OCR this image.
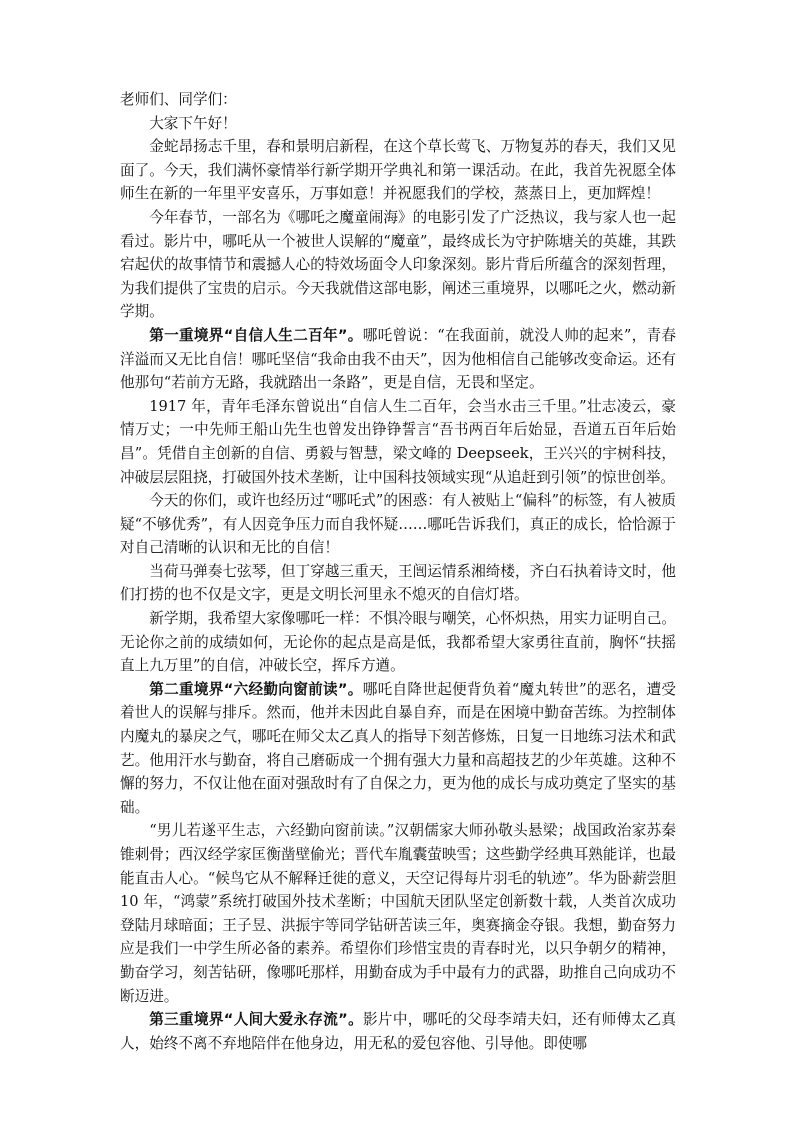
老师们、同学们：

大家下午好！

金蛇昂扬志千里，春和景明启新程，在这个草长莺飞、万物复苏的春天，我们又见面了。今天，我们满怀豪情举行新学期开学典礼和第一课活动。在此，我首先祝愿全体师生在新的一年里平安喜乐，万事如意！并祝愿我们的学校，蒸蒸日上，更加辉煌！

今年春节，一部名为《哪吒之魔童闹海》的电影引发了广泛热议，我与家人也一起看过。影片中，哪吒从一个被世人误解的“魔童”，最终成长为守护陈塘关的英雄，其跌宕起伏的故事情节和震撼人心的特效场面令人印象深刻。影片背后所蕴含的深刻哲理，为我们提供了宝贵的启示。今天我就借这部电影，阐述三重境界，以哪吒之火，燃动新学期。

第一重境界“自信人生二百年”。哪吒曾说：“在我面前，就没人帅的起来”，青春洋溢而又无比自信！哪吒坚信“我命由我不由天”，因为他相信自己能够改变命运。还有他那句“若前方无路，我就踏出一条路”，更是自信，无畏和坚定。

1917 年，青年毛泽东曾说出“自信人生二百年，会当水击三千里。”壮志凌云，豪情万丈；一中先师王船山先生也曾发出铮铮誓言“吾书两百年后始显，吾道五百年后始昌”。凭借自主创新的自信、勇毅与智慧，梁文峰的 Deepseek，王兴兴的宇树科技，冲破层层阻挠，打破国外技术垄断，让中国科技领域实现“从追赶到引领”的惊世创举。

今天的你们，或许也经历过“哪吒式”的困惑：有人被贴上“偏科”的标签，有人被质疑“不够优秀”，有人因竞争压力而自我怀疑……哪吒告诉我们，真正的成长，恰恰源于对自己清晰的认识和无比的自信！

当荷马弹奏七弦琴，但丁穿越三重天，王闿运情系湘绮楼，齐白石执着诗文时，他们打捞的也不仅是文字，更是文明长河里永不熄灭的自信灯塔。

新学期，我希望大家像哪吒一样：不惧冷眼与嘲笑，心怀炽热，用实力证明自己。无论你之前的成绩如何，无论你的起点是高是低，我都希望大家勇往直前，胸怀“扶摇直上九万里”的自信，冲破长空，挥斥方遒。

第二重境界“六经勤向窗前读”。哪吒自降世起便背负着“魔丸转世”的恶名，遭受着世人的误解与排斥。然而，他并未因此自暴自弃，而是在困境中勤奋苦练。为控制体内魔丸的暴戾之气，哪吒在师父太乙真人的指导下刻苦修炼，日复一日地练习法术和武艺。他用汗水与勤奋，将自己磨砺成一个拥有强大力量和高超技艺的少年英雄。这种不懈的努力，不仅让他在面对强敌时有了自保之力，更为他的成长与成功奠定了坚实的基础。

“男儿若遂平生志，六经勤向窗前读。”汉朝儒家大师孙敬头悬梁；战国政治家苏秦锥刺骨；西汉经学家匡衡凿壁偷光；晋代车胤囊萤映雪；这些勤学经典耳熟能详，也最能直击人心。“候鸟它从不解释迁徙的意义，天空记得每片羽毛的轨迹”。华为卧薪尝胆 10 年，“鸿蒙”系统打破国外技术垄断；中国航天团队坚定创新数十载，人类首次成功登陆月球暗面；王子昱、洪振宇等同学钻研苦读三年，奥赛摘金夺银。我想，勤奋努力应是我们一中学生所必备的素养。希望你们珍惜宝贵的青春时光，以只争朝夕的精神，勤奋学习，刻苦钻研，像哪吒那样，用勤奋成为手中最有力的武器，助推自己向成功不断迈进。

第三重境界“人间大爱永存流”。影片中，哪吒的父母李靖夫妇，还有师傅太乙真人，始终不离不弃地陪伴在他身边，用无私的爱包容他、引导他。即使哪
